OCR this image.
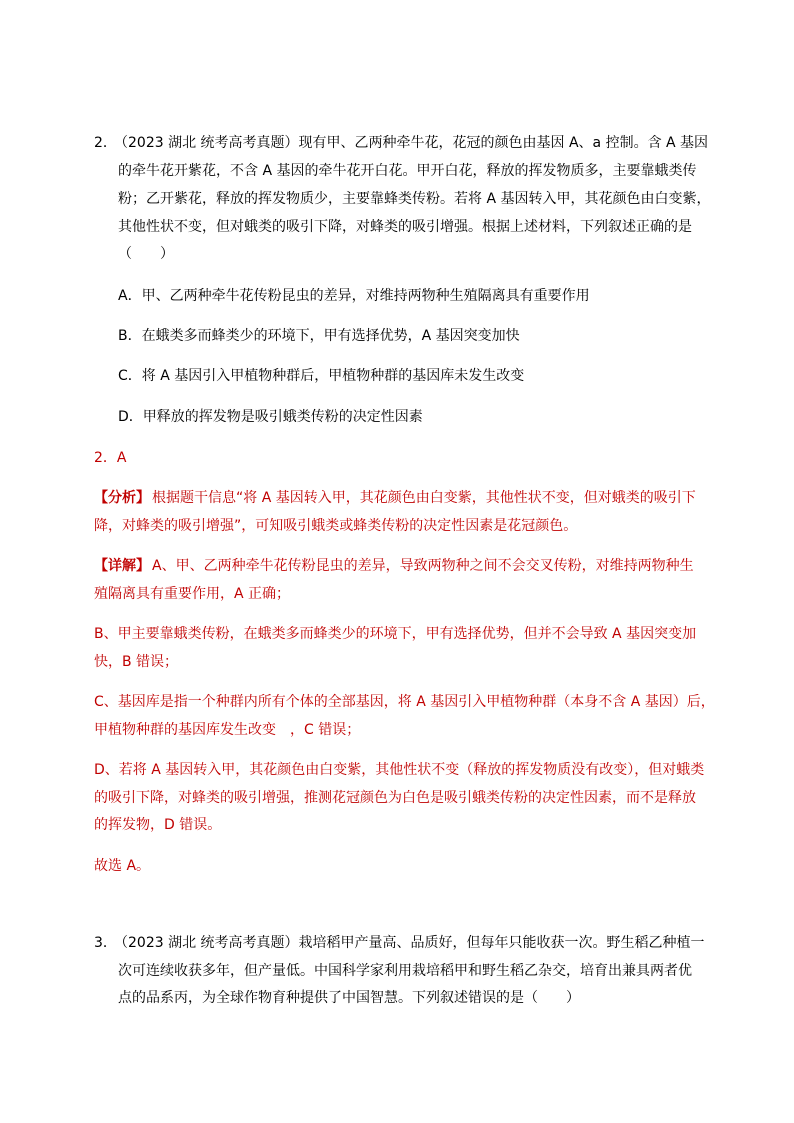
2．
（2023 湖北 统考高考真题）现有甲、乙两种牵牛花，花冠的颜色由基因 A、a 控制。含 A 基因
的牵牛花开紫花，不含 A 基因的牵牛花开白花。甲开白花，释放的挥发物质多，主要靠蛾类传
粉；乙开紫花，释放的挥发物质少，主要靠蜂类传粉。若将 A 基因转入甲，其花颜色由白变紫，
其他性状不变，但对蛾类的吸引下降，对蜂类的吸引增强。根据上述材料，下列叙述正确的是
（　　）
A．甲、乙两种牵牛花传粉昆虫的差异，对维持两物种生殖隔离具有重要作用
B．在蛾类多而蜂类少的环境下，甲有选择优势，A 基因突变加快
C．将 A 基因引入甲植物种群后，甲植物种群的基因库未发生改变
D．甲释放的挥发物是吸引蛾类传粉的决定性因素
2．A
【分析】 根据题干信息“将 A 基因转入甲，其花颜色由白变紫，其他性状不变，但对蛾类的吸引下
降，对蜂类的吸引增强”，可知吸引蛾类或蜂类传粉的决定性因素是花冠颜色。
【详解】 A、甲、乙两种牵牛花传粉昆虫的差异，导致两物种之间不会交叉传粉，对维持两物种生
殖隔离具有重要作用，A 正确；
B、甲主要靠蛾类传粉，在蛾类多而蜂类少的环境下，甲有选择优势，但并不会导致 A 基因突变加
快，B 错误；
C、基因库是指一个种群内所有个体的全部基因，将 A 基因引入甲植物种群（本身不含 A 基因）后，
甲植物种群的基因库发生改变　，C 错误；
D、若将 A 基因转入甲，其花颜色由白变紫，其他性状不变（释放的挥发物质没有改变），但对蛾类
的吸引下降，对蜂类的吸引增强，推测花冠颜色为白色是吸引蛾类传粉的决定性因素，而不是释放
的挥发物，D 错误。
故选 A。
3．
（2023 湖北 统考高考真题）栽培稻甲产量高、品质好，但每年只能收获一次。野生稻乙种植一
次可连续收获多年，但产量低。中国科学家利用栽培稻甲和野生稻乙杂交，培育出兼具两者优
点的品系丙，为全球作物育种提供了中国智慧。下列叙述错误的是（　　）
